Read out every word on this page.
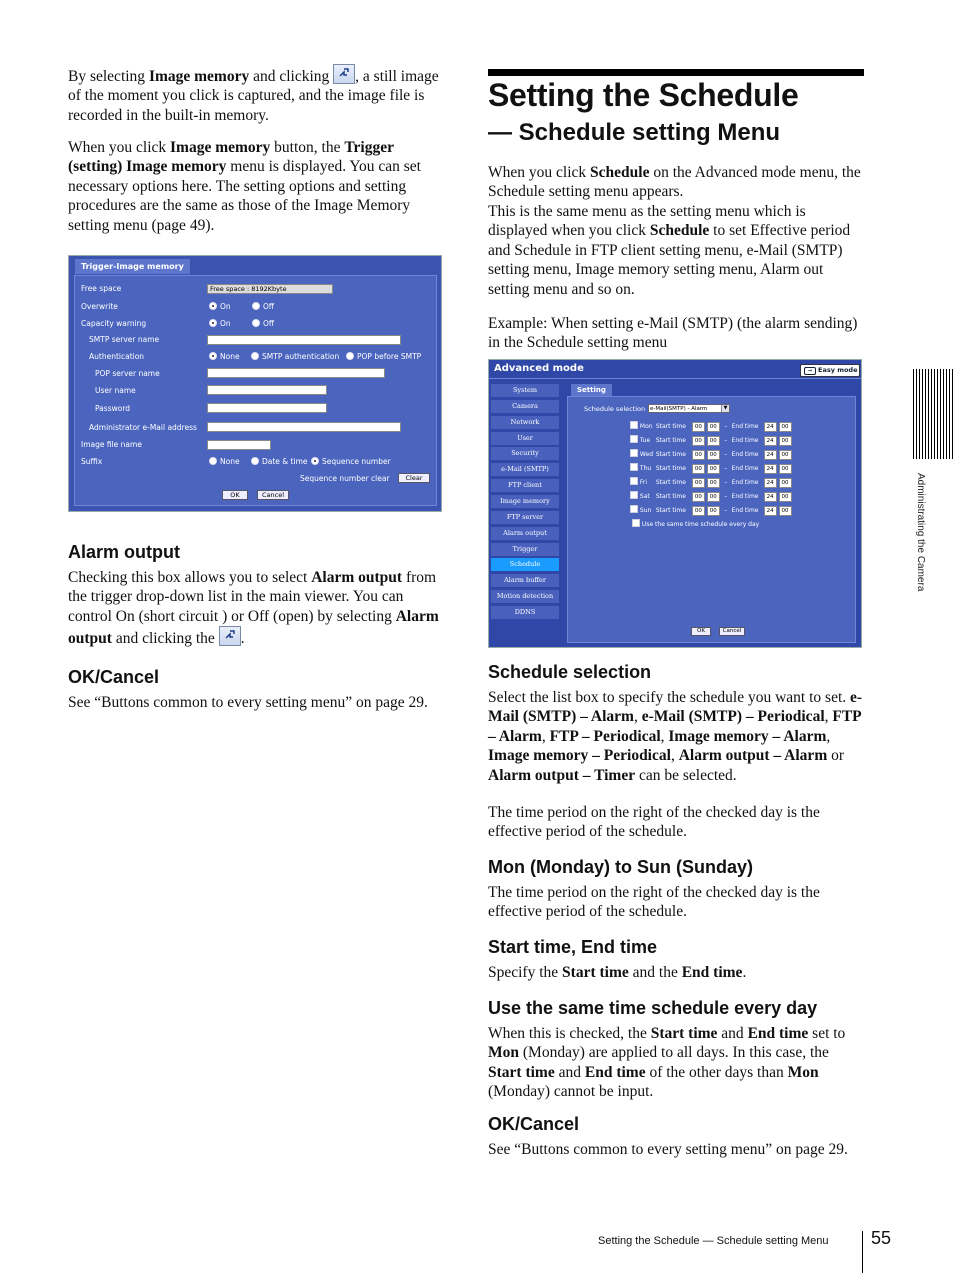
By selecting Image memory and clicking
, a still image of the moment you click is captured, and the image file is recorded in the built-in memory.

When you click Image memory button, the Trigger (setting) Image memory menu is displayed. You can set necessary options here. The setting options and setting procedures are the same as those of the Image Memory setting menu (page 49).

Trigger-Image memory
Free space	Free space : 8192Kbyte
Overwrite	On	Off
Capacity warning	On	Off
SMTP server name
Authentication	None	SMTP authentication	POP before SMTP
POP server name
User name
Password
Administrator e-Mail address
Image file name
Suffix	None	Date & time	Sequence number
Sequence number clear	Clear
OK	Cancel
Alarm output

Checking this box allows you to select Alarm output from the trigger drop-down list in the main viewer. You can control On (short circuit ) or Off (open) by selecting Alarm output and clicking the
.

OK/Cancel

See “Buttons common to every setting menu” on page 29.

Setting the Schedule
— Schedule setting Menu

When you click Schedule on the Advanced mode menu, the Schedule setting menu appears.

This is the same menu as the setting menu which is displayed when you click Schedule to set Effective period and Schedule in FTP client setting menu, e-Mail (SMTP) setting menu, Image memory setting menu, Alarm out setting menu and so on.

Example: When setting e-Mail (SMTP) (the alarm sending) in the Schedule setting menu

Advanced mode	→ Easy mode
System
Camera
Network
User
Security
e-Mail (SMTP)
FTP client
Image memory
FTP server
Alarm output
Trigger
Schedule
Alarm buffer
Motion detection
DDNS
Setting
Schedule selection e-Mail(SMTP) - Alarm	▼
Mon Start time 00 00 – End time 24 00
Tue Start time 00 00 – End time 24 00
Wed Start time 00 00 – End time 24 00
Thu Start time 00 00 – End time 24 00
Fri Start time 00 00 – End time 24 00
Sat Start time 00 00 – End time 24 00
Sun Start time 00 00 – End time 24 00
Use the same time schedule every day
OK	Cancel
Schedule selection

Select the list box to specify the schedule you want to set. e-Mail (SMTP) – Alarm, e-Mail (SMTP) – Periodical, FTP – Alarm, FTP – Periodical, Image memory – Alarm, Image memory – Periodical, Alarm output – Alarm or Alarm output – Timer can be selected.

The time period on the right of the checked day is the effective period of the schedule.

Mon (Monday) to Sun (Sunday)

The time period on the right of the checked day is the effective period of the schedule.

Start time, End time

Specify the Start time and the End time.

Use the same time schedule every day

When this is checked, the Start time and End time set to Mon (Monday) are applied to all days. In this case, the Start time and End time of the other days than Mon (Monday) cannot be input.

OK/Cancel

See “Buttons common to every setting menu” on page 29.

Administrating the Camera
Setting the Schedule — Schedule setting Menu 55
